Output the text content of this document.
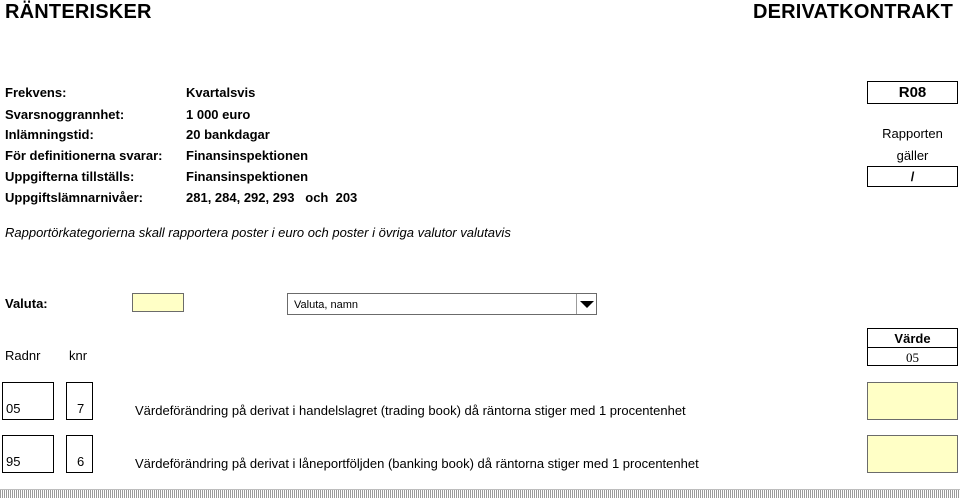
RÄNTERISKER	DERIVATKONTRAKT
Frekvens:	Kvartalsvis
Svarsnoggrannhet:	1 000 euro
Inlämningstid:	20 bankdagar
För definitionerna svarar: Finansinspektionen
Uppgifterna tillställs:	Finansinspektionen
Uppgiftslämnarnivåer:	281, 284, 292, 293   och  203
R08
Rapporten
gäller
/
Rapportörkategorierna skall rapportera poster i euro och poster i övriga valutor valutavis
Valuta:	Valuta, namn
Radnr knr
Värde
05
05	7	Värdeförändring på derivat i handelslagret (trading book) då räntorna stiger med 1 procentenhet
95	6	Värdeförändring på derivat i låneportföljden (banking book) då räntorna stiger med 1 procentenhet
